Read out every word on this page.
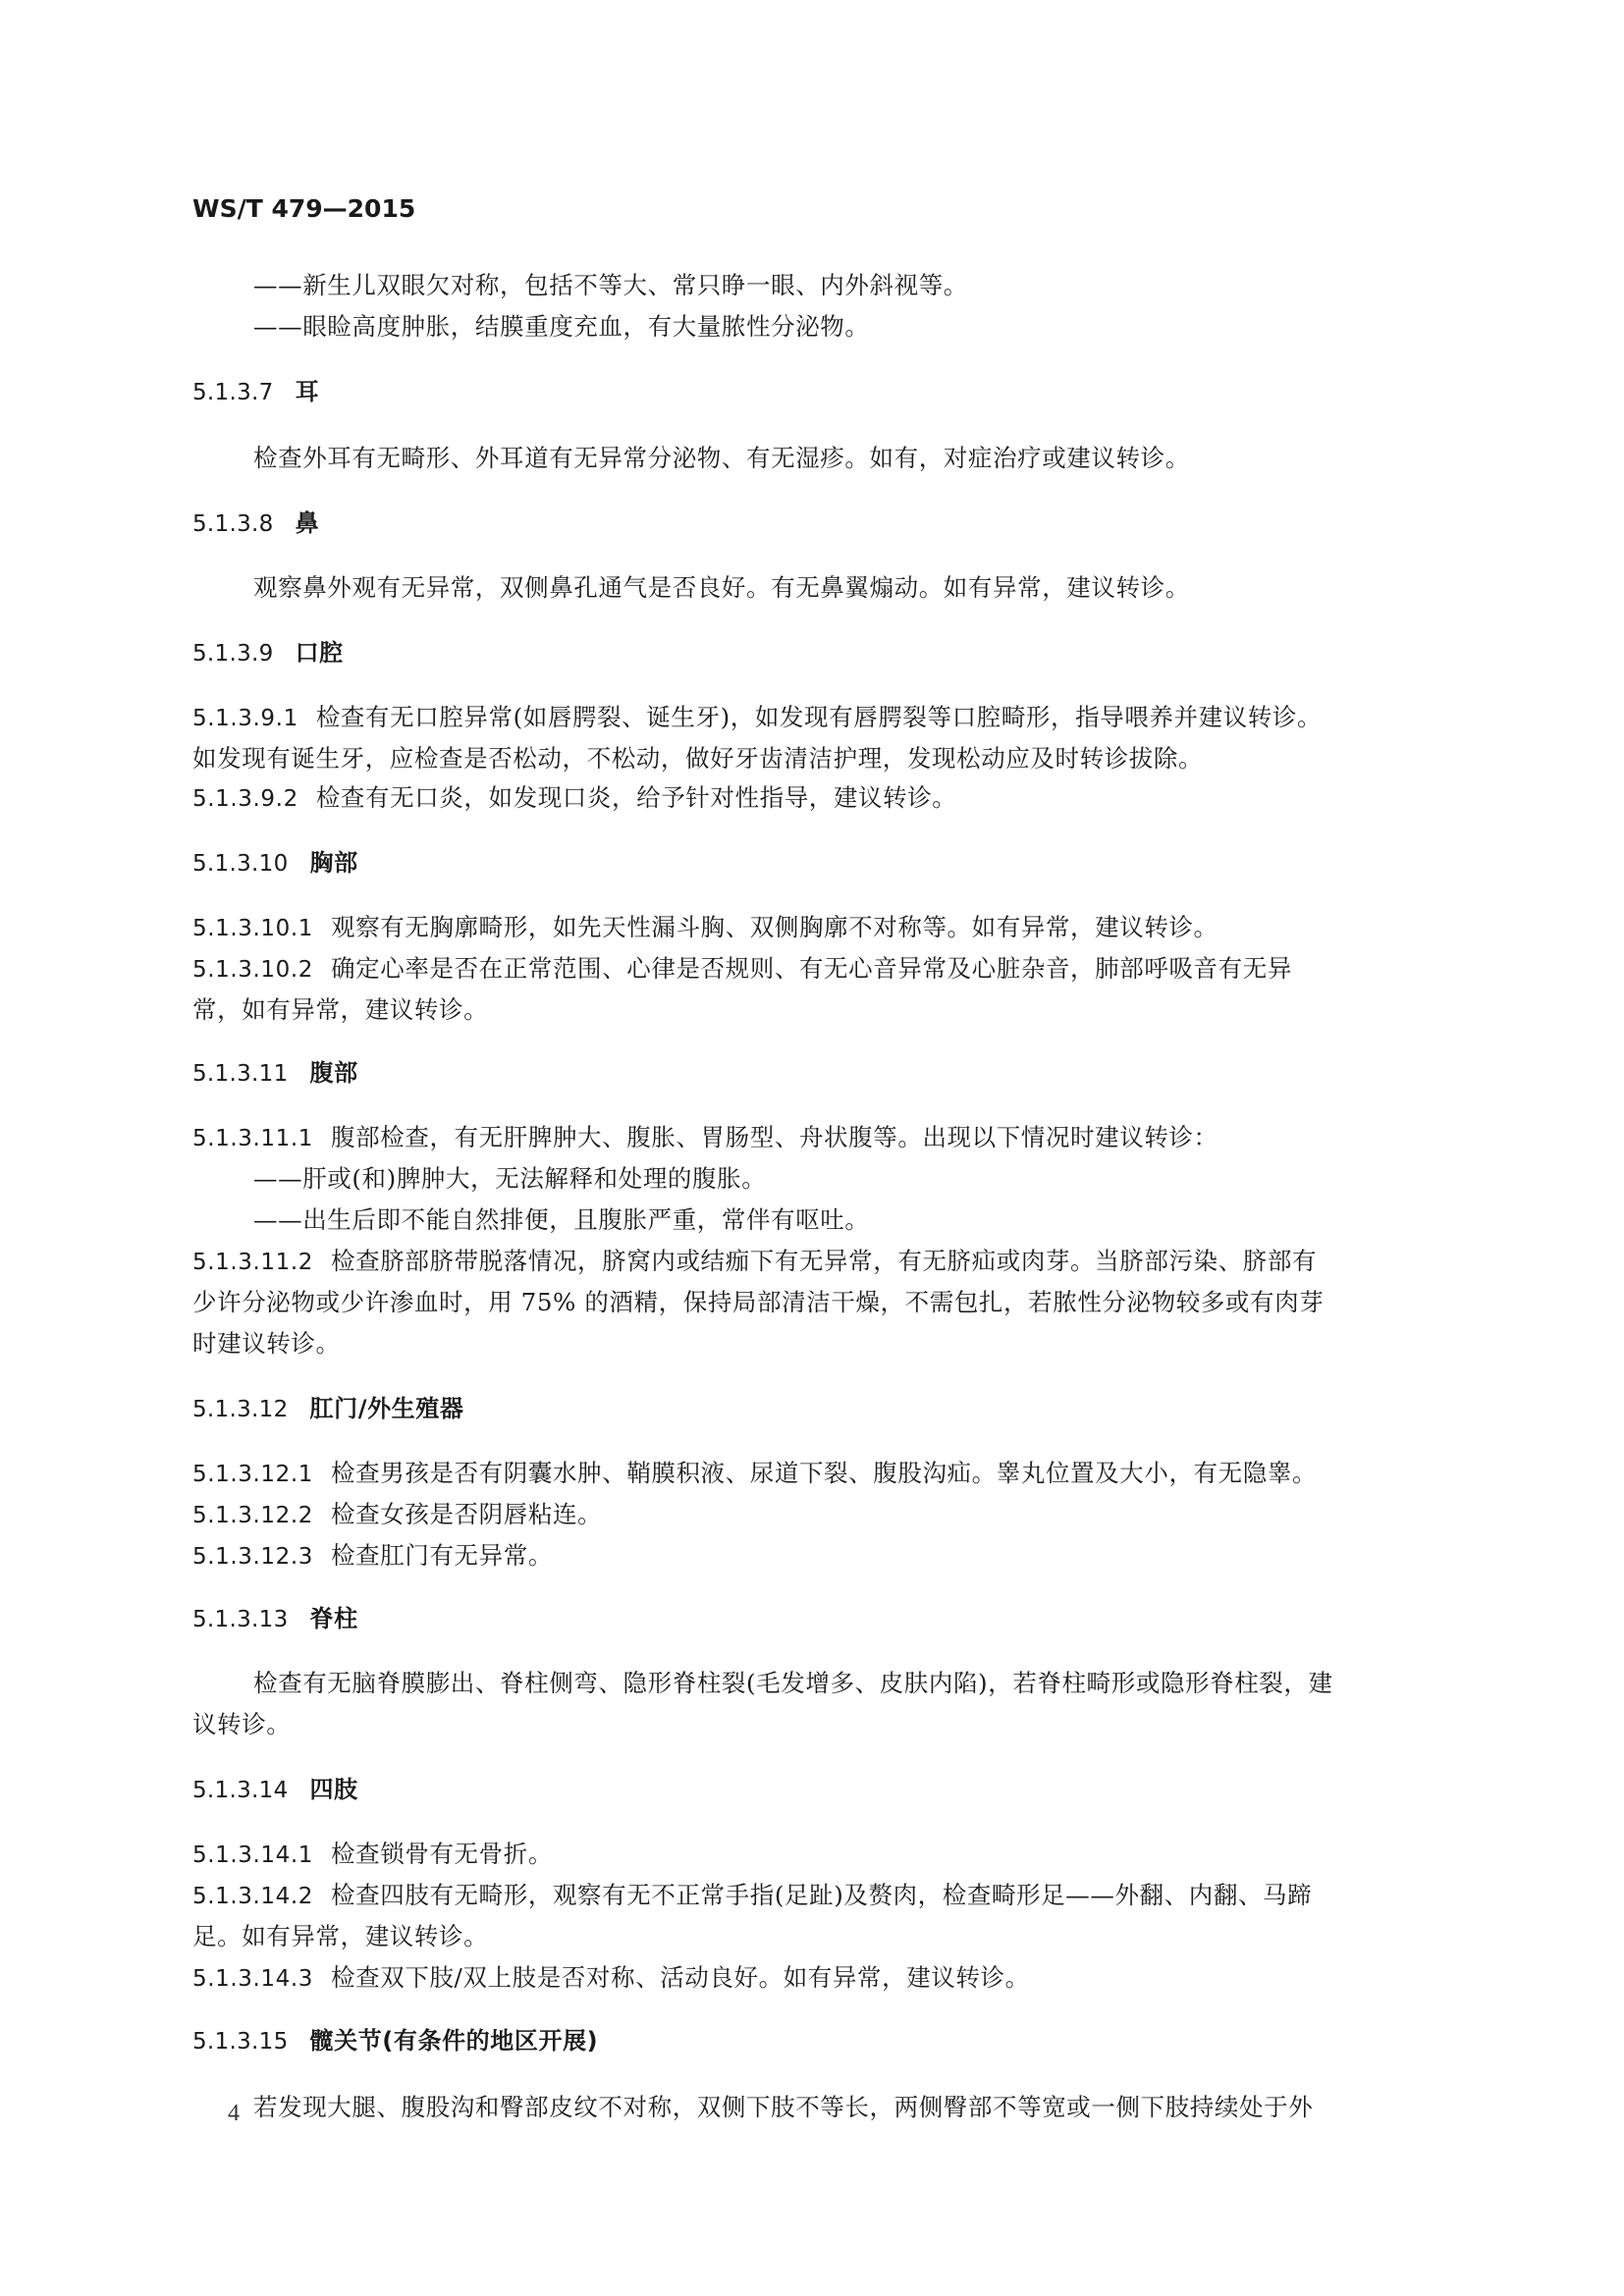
WS/T 479—2015
——新生儿双眼欠对称，包括不等大、常只睁一眼、内外斜视等。
——眼睑高度肿胀，结膜重度充血，有大量脓性分泌物。
5.1.3.7 耳
检查外耳有无畸形、外耳道有无异常分泌物、有无湿疹。如有，对症治疗或建议转诊。
5.1.3.8 鼻
观察鼻外观有无异常，双侧鼻孔通气是否良好。有无鼻翼煽动。如有异常，建议转诊。
5.1.3.9 口腔
5.1.3.9.1 检查有无口腔异常(如唇腭裂、诞生牙)，如发现有唇腭裂等口腔畸形，指导喂养并建议转诊。
如发现有诞生牙，应检查是否松动，不松动，做好牙齿清洁护理，发现松动应及时转诊拔除。
5.1.3.9.2 检查有无口炎，如发现口炎，给予针对性指导，建议转诊。
5.1.3.10 胸部
5.1.3.10.1 观察有无胸廓畸形，如先天性漏斗胸、双侧胸廓不对称等。如有异常，建议转诊。
5.1.3.10.2 确定心率是否在正常范围、心律是否规则、有无心音异常及心脏杂音，肺部呼吸音有无异
常，如有异常，建议转诊。
5.1.3.11 腹部
5.1.3.11.1 腹部检查，有无肝脾肿大、腹胀、胃肠型、舟状腹等。出现以下情况时建议转诊：
——肝或(和)脾肿大，无法解释和处理的腹胀。
——出生后即不能自然排便，且腹胀严重，常伴有呕吐。
5.1.3.11.2 检查脐部脐带脱落情况，脐窝内或结痂下有无异常，有无脐疝或肉芽。当脐部污染、脐部有
少许分泌物或少许渗血时，用 75% 的酒精，保持局部清洁干燥，不需包扎，若脓性分泌物较多或有肉芽
时建议转诊。
5.1.3.12 肛门/外生殖器
5.1.3.12.1 检查男孩是否有阴囊水肿、鞘膜积液、尿道下裂、腹股沟疝。睾丸位置及大小，有无隐睾。
5.1.3.12.2 检查女孩是否阴唇粘连。
5.1.3.12.3 检查肛门有无异常。
5.1.3.13 脊柱
检查有无脑脊膜膨出、脊柱侧弯、隐形脊柱裂(毛发增多、皮肤内陷)，若脊柱畸形或隐形脊柱裂，建
议转诊。
5.1.3.14 四肢
5.1.3.14.1 检查锁骨有无骨折。
5.1.3.14.2 检查四肢有无畸形，观察有无不正常手指(足趾)及赘肉，检查畸形足——外翻、内翻、马蹄
足。如有异常，建议转诊。
5.1.3.14.3 检查双下肢/双上肢是否对称、活动良好。如有异常，建议转诊。
5.1.3.15 髋关节(有条件的地区开展)
若发现大腿、腹股沟和臀部皮纹不对称，双侧下肢不等长，两侧臀部不等宽或一侧下肢持续处于外
4
